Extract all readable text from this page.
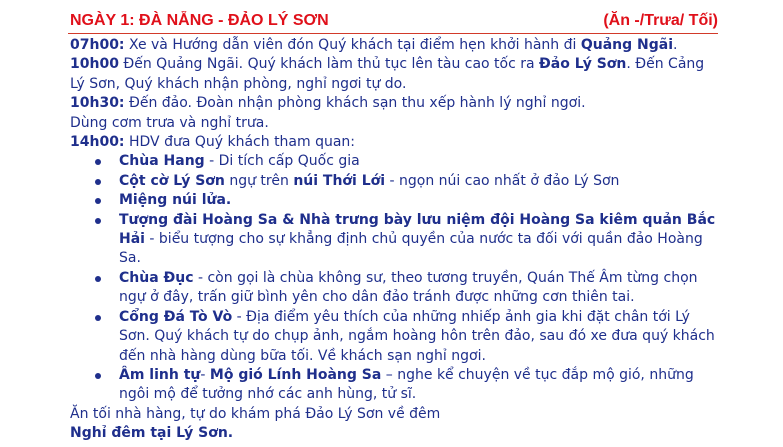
NGÀY 1: ĐÀ NẴNG - ĐẢO LÝ SƠN	(Ăn -/Trưa/ Tối)

07h00: Xe và Hướng dẫn viên đón Quý khách tại điểm hẹn khởi hành đi Quảng Ngãi.

10h00 Đến Quảng Ngãi. Quý khách làm thủ tục lên tàu cao tốc ra Đảo Lý Sơn. Đến Cảng Lý Sơn, Quý khách nhận phòng, nghỉ ngơi tự do.

10h30: Đến đảo. Đoàn nhận phòng khách sạn thu xếp hành lý nghỉ ngơi.

Dùng cơm trưa và nghỉ trưa.

14h00: HDV đưa Quý khách tham quan:

Chùa Hang - Di tích cấp Quốc gia
Cột cờ Lý Sơn ngự trên núi Thới Lới - ngọn núi cao nhất ở đảo Lý Sơn
Miệng núi lửa.
Tượng đài Hoàng Sa & Nhà trưng bày lưu niệm đội Hoàng Sa kiêm quản Bắc Hải - biểu tượng cho sự khẳng định chủ quyền của nước ta đối với quần đảo Hoàng Sa.
Chùa Đục - còn gọi là chùa không sư, theo tương truyền, Quán Thế Âm từng chọn ngự ở đây, trấn giữ bình yên cho dân đảo tránh được những cơn thiên tai.
Cổng Đá Tò Vò - Địa điểm yêu thích của những nhiếp ảnh gia khi đặt chân tới Lý Sơn. Quý khách tự do chụp ảnh, ngắm hoàng hôn trên đảo, sau đó xe đưa quý khách đến nhà hàng dùng bữa tối. Về khách sạn nghỉ ngơi.
Âm linh tự- Mộ gió Lính Hoàng Sa – nghe kể chuyện về tục đắp mộ gió, những ngôi mộ để tưởng nhớ các anh hùng, tử sĩ.

Ăn tối nhà hàng, tự do khám phá Đảo Lý Sơn về đêm

Nghỉ đêm tại Lý Sơn.
